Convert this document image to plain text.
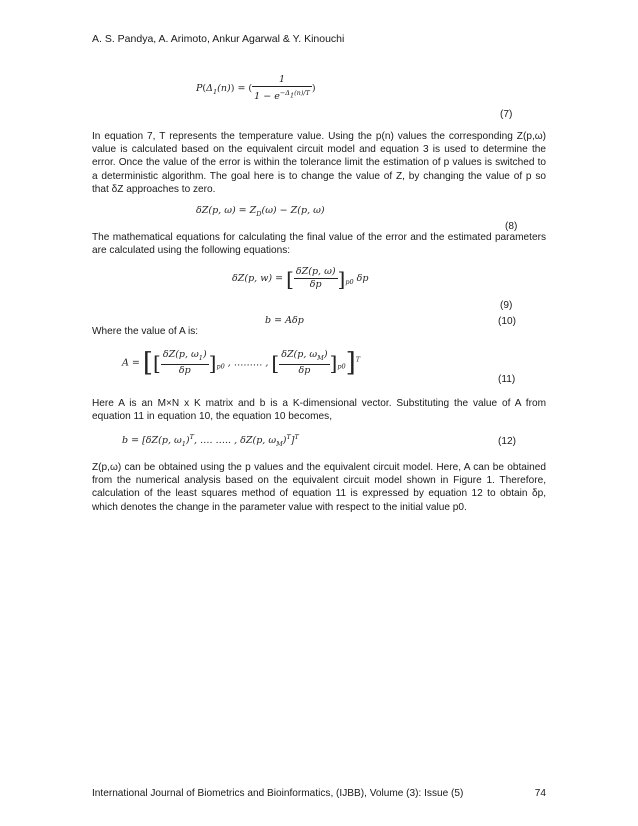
A. S. Pandya, A. Arimoto, Ankur Agarwal & Y. Kinouchi
$P(\Delta_1(n))$ = ( $\frac{1}{1 - e^{-\Delta 1(n)/T}}$ )
(7)
In equation 7, T represents the temperature value. Using the p(n) values the corresponding Z(p,ω) value is calculated based on the equivalent circuit model and equation 3 is used to determine the error. Once the value of the error is within the tolerance limit the estimation of p values is switched to a deterministic algorithm. The goal here is to change the value of Z, by changing the value of p so that δZ approaches to zero.
δZ(p, $\omega) = Z_D(\omega) - Z(p$, ω)
(8)
The mathematical equations for calculating the final value of the error and the estimated parameters are calculated using the following equations:
δZ(p, w) = [ $\frac{\delta Z(p, \omega)}{\delta p} ]_{p0}$ δp
(9)
b = Aδp	(10)
Where the value of A is:
A = [[ $\frac{\delta Z(p, \omega_1)}{\delta p} ]_{p0}$ , ……… , [ $\frac{\delta Z(p, \omega_M)}{\delta p} ]_{p0}]^T$
(11)
Here A is an M×N x K matrix and b is a K-dimensional vector. Substituting the value of A from equation 11 in equation 10, the equation 10 becomes,
b = [δZ(p, $\omega_1)^T$, …. ….. , δZ(p, $\omega_M)^T]^T$	(12)
Z(p,ω) can be obtained using the p values and the equivalent circuit model. Here, A can be obtained from the numerical analysis based on the equivalent circuit model shown in Figure 1. Therefore, calculation of the least squares method of equation 11 is expressed by equation 12 to obtain δp, which denotes the change in the parameter value with respect to the initial value p0.
International Journal of Biometrics and Bioinformatics, (IJBB), Volume (3): Issue (5)	74
